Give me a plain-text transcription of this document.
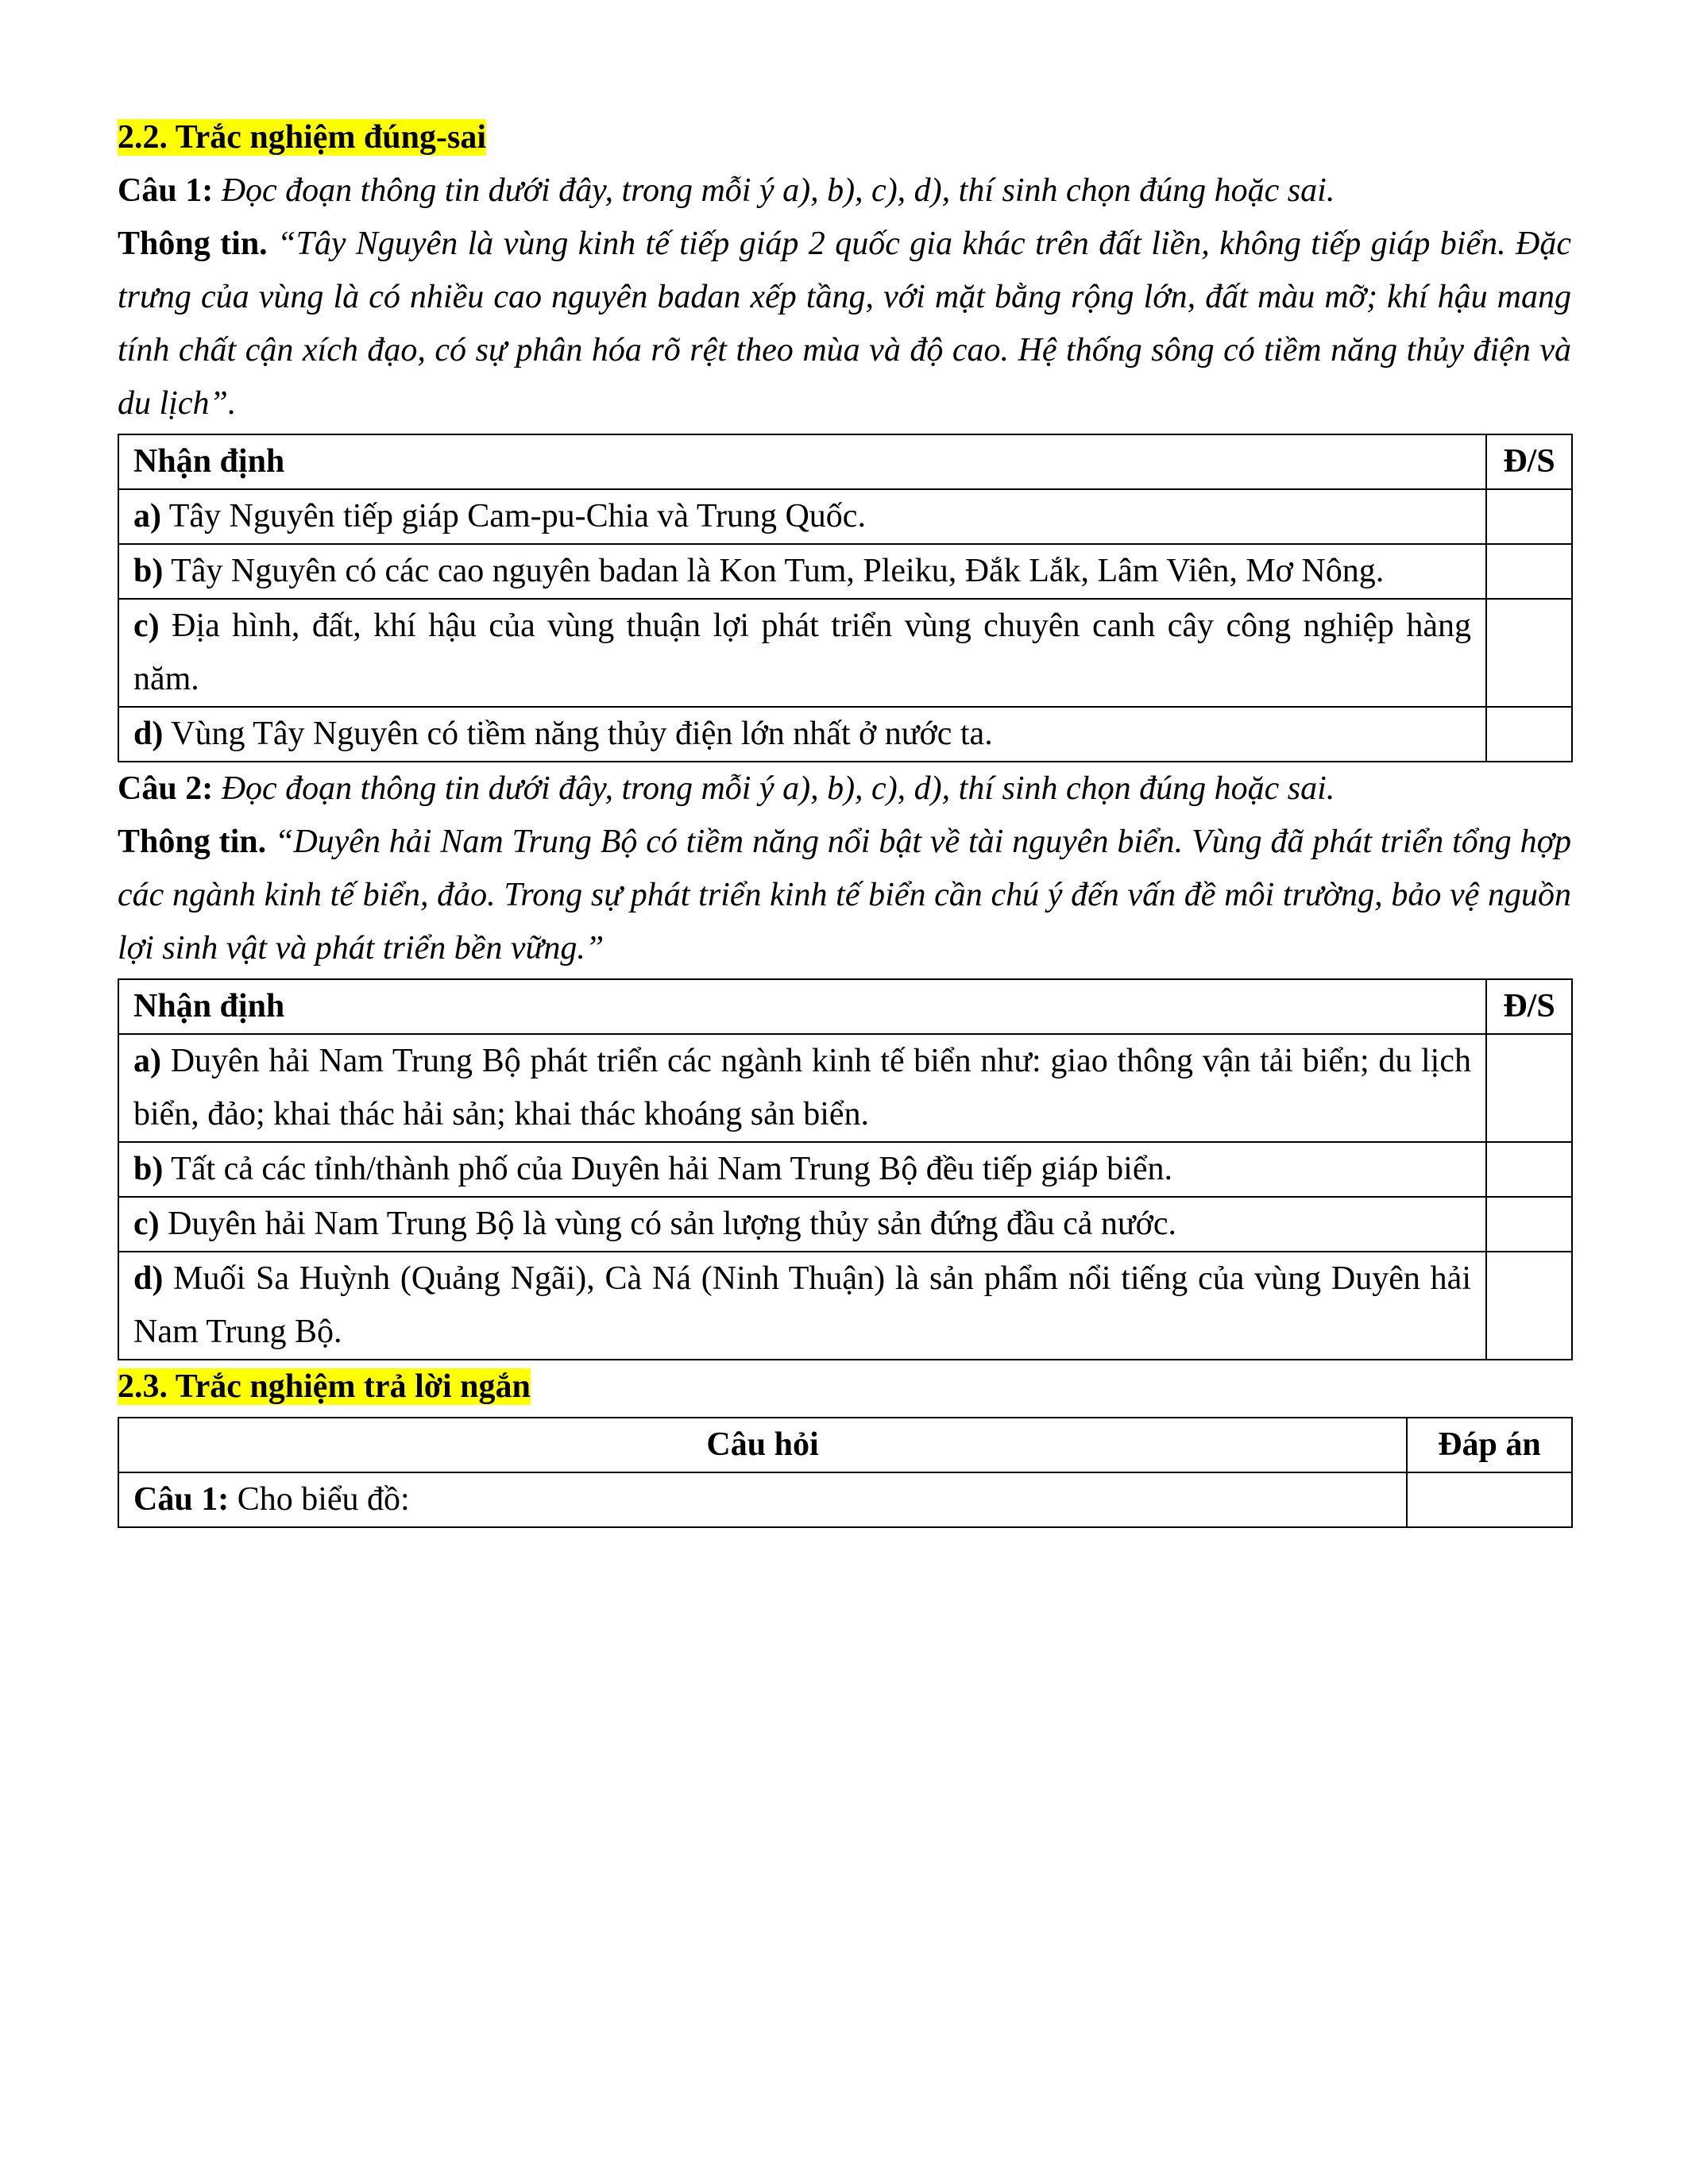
2.2. Trắc nghiệm đúng-sai

Câu 1: Đọc đoạn thông tin dưới đây, trong mỗi ý a), b), c), d), thí sinh chọn đúng hoặc sai.

Thông tin. “Tây Nguyên là vùng kinh tế tiếp giáp 2 quốc gia khác trên đất liền, không tiếp giáp biển. Đặc trưng của vùng là có nhiều cao nguyên badan xếp tầng, với mặt bằng rộng lớn, đất màu mỡ; khí hậu mang tính chất cận xích đạo, có sự phân hóa rõ rệt theo mùa và độ cao. Hệ thống sông có tiềm năng thủy điện và du lịch”.

Nhận định	Đ/S
a) Tây Nguyên tiếp giáp Cam-pu-Chia và Trung Quốc.	
b) Tây Nguyên có các cao nguyên badan là Kon Tum, Pleiku, Đắk Lắk, Lâm Viên, Mơ Nông.	
c) Địa hình, đất, khí hậu của vùng thuận lợi phát triển vùng chuyên canh cây công nghiệp hàng năm.	
d) Vùng Tây Nguyên có tiềm năng thủy điện lớn nhất ở nước ta.	

Câu 2: Đọc đoạn thông tin dưới đây, trong mỗi ý a), b), c), d), thí sinh chọn đúng hoặc sai.

Thông tin. “Duyên hải Nam Trung Bộ có tiềm năng nổi bật về tài nguyên biển. Vùng đã phát triển tổng hợp các ngành kinh tế biển, đảo. Trong sự phát triển kinh tế biển cần chú ý đến vấn đề môi trường, bảo vệ nguồn lợi sinh vật và phát triển bền vững.”

Nhận định	Đ/S
a) Duyên hải Nam Trung Bộ phát triển các ngành kinh tế biển như: giao thông vận tải biển; du lịch biển, đảo; khai thác hải sản; khai thác khoáng sản biển.	
b) Tất cả các tỉnh/thành phố của Duyên hải Nam Trung Bộ đều tiếp giáp biển.	
c) Duyên hải Nam Trung Bộ là vùng có sản lượng thủy sản đứng đầu cả nước.	
d) Muối Sa Huỳnh (Quảng Ngãi), Cà Ná (Ninh Thuận) là sản phẩm nổi tiếng của vùng Duyên hải Nam Trung Bộ.	

2.3. Trắc nghiệm trả lời ngắn

Câu hỏi	Đáp án
Câu 1: Cho biểu đồ:	
